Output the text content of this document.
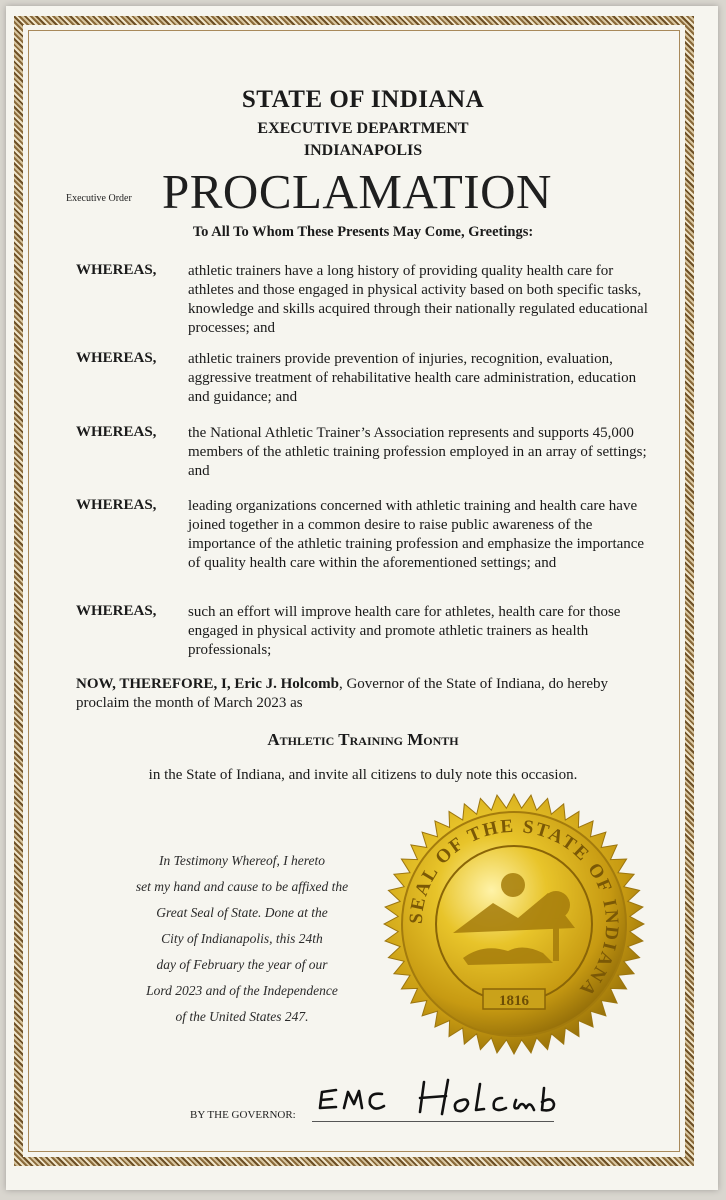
STATE OF INDIANA
EXECUTIVE DEPARTMENT
INDIANAPOLIS
Executive Order PROCLAMATION
To All To Whom These Presents May Come, Greetings:
WHEREAS, athletic trainers have a long history of providing quality health care for athletes and those engaged in physical activity based on both specific tasks, knowledge and skills acquired through their nationally regulated educational processes; and
WHEREAS, athletic trainers provide prevention of injuries, recognition, evaluation, aggressive treatment of rehabilitative health care administration, education and guidance; and
WHEREAS, the National Athletic Trainer’s Association represents and supports 45,000 members of the athletic training profession employed in an array of settings; and
WHEREAS, leading organizations concerned with athletic training and health care have joined together in a common desire to raise public awareness of the importance of the athletic training profession and emphasize the importance of quality health care within the aforementioned settings; and
WHEREAS, such an effort will improve health care for athletes, health care for those engaged in physical activity and promote athletic trainers as health professionals;
NOW, THEREFORE, I, Eric J. Holcomb, Governor of the State of Indiana, do hereby proclaim the month of March 2023 as
Athletic Training Month
in the State of Indiana, and invite all citizens to duly note this occasion.
In Testimony Whereof, I hereto
set my hand and cause to be affixed the
Great Seal of State. Done at the
City of Indianapolis, this 24th
day of February the year of our
Lord 2023 and of the Independence
of the United States 247.
SEAL OF THE STATE OF INDIANA
1816
BY THE GOVERNOR:
